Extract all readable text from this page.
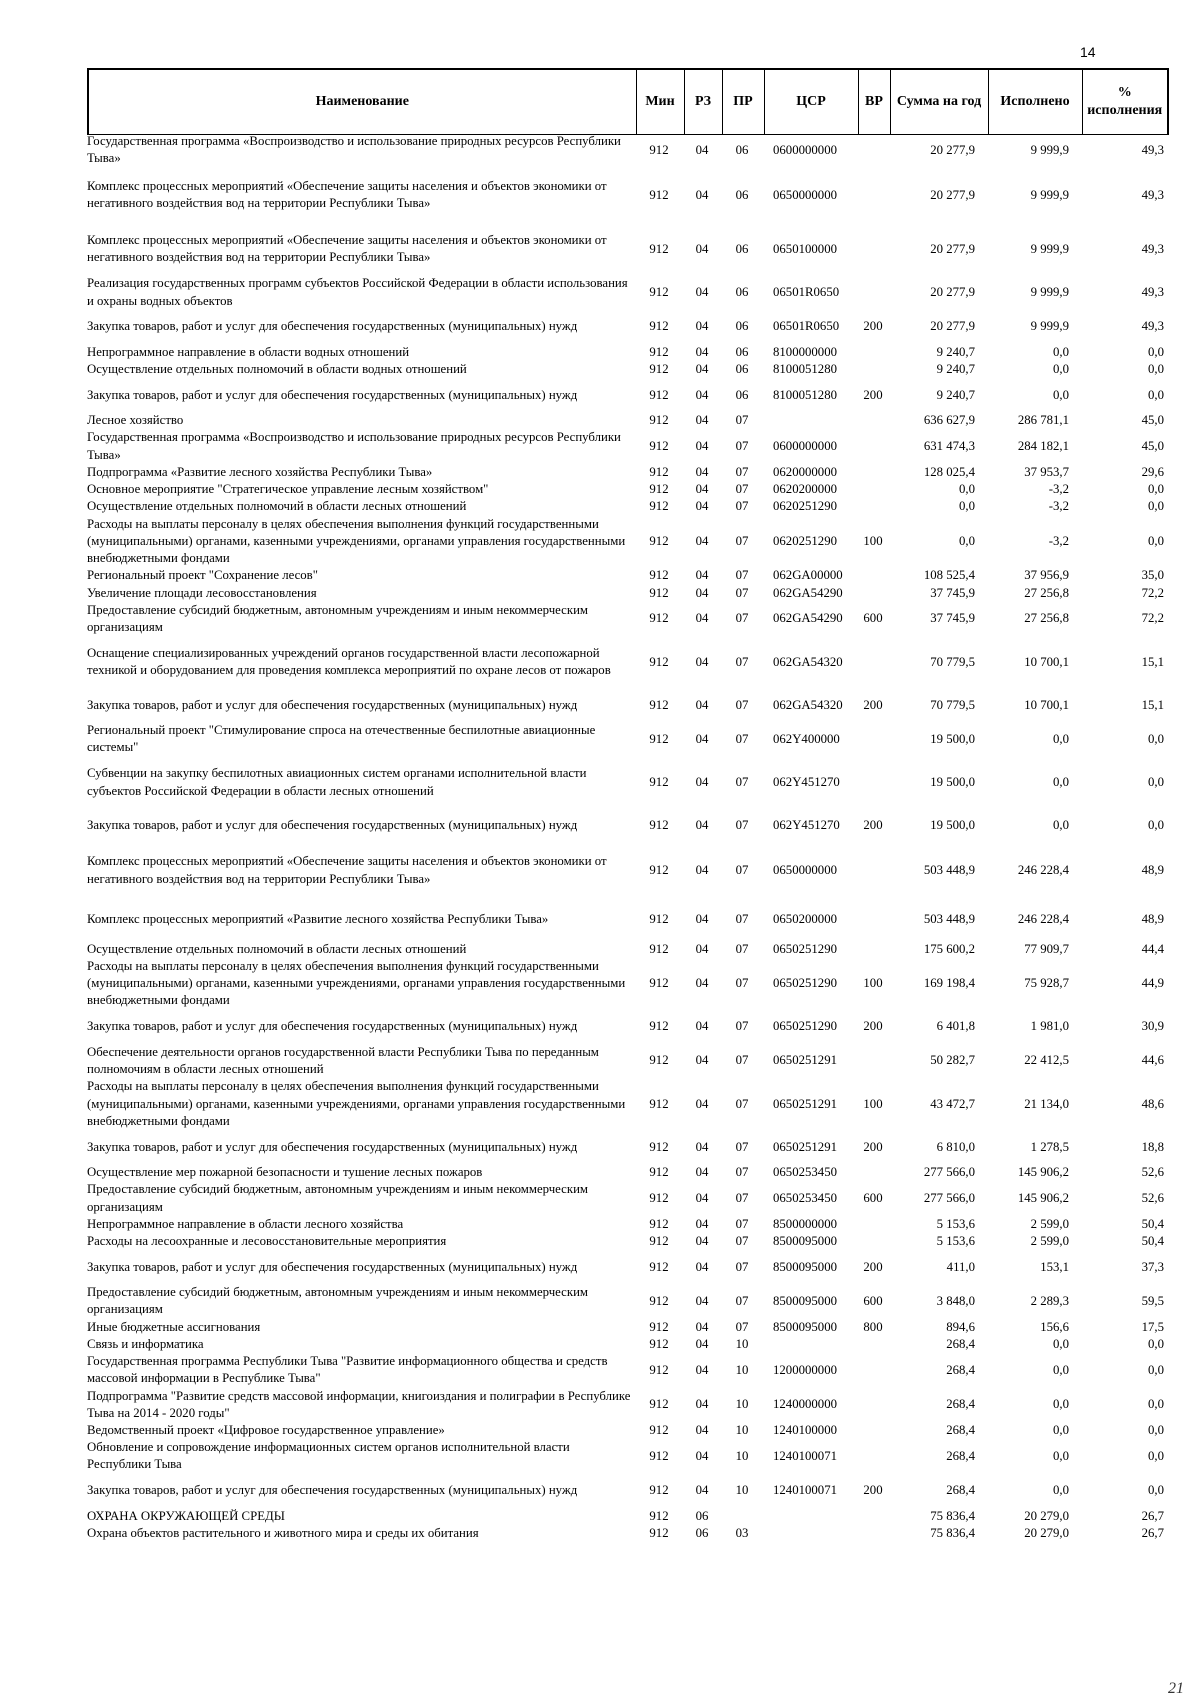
14
Наименование	Мин	РЗ	ПР	ЦСР	ВР	Сумма на год	Исполнено	% исполнения
Государственная программа «Воспроизводство и использование природных ресурсов Республики Тыва»	912	04	06	0600000000		20 277,9	9 999,9	49,3
Комплекс процессных мероприятий «Обеспечение защиты населения и объектов экономики от негативного воздействия вод на территории Республики Тыва»	912	04	06	0650000000		20 277,9	9 999,9	49,3
Комплекс процессных мероприятий «Обеспечение защиты населения и объектов экономики от негативного воздействия вод на территории Республики Тыва»	912	04	06	0650100000		20 277,9	9 999,9	49,3
Реализация государственных программ субъектов Российской Федерации в области использования и охраны водных объектов	912	04	06	06501R0650		20 277,9	9 999,9	49,3
Закупка товаров, работ и услуг для обеспечения государственных (муниципальных) нужд	912	04	06	06501R0650	200	20 277,9	9 999,9	49,3
Непрограммное направление в области водных отношений	912	04	06	8100000000		9 240,7	0,0	0,0
Осуществление отдельных полномочий в области водных отношений	912	04	06	8100051280		9 240,7	0,0	0,0
Закупка товаров, работ и услуг для обеспечения государственных (муниципальных) нужд	912	04	06	8100051280	200	9 240,7	0,0	0,0
Лесное хозяйство	912	04	07			636 627,9	286 781,1	45,0
Государственная программа «Воспроизводство и использование природных ресурсов Республики Тыва»	912	04	07	0600000000		631 474,3	284 182,1	45,0
Подпрограмма «Развитие лесного хозяйства Республики Тыва»	912	04	07	0620000000		128 025,4	37 953,7	29,6
Основное мероприятие "Стратегическое управление лесным хозяйством"	912	04	07	0620200000		0,0	-3,2	0,0
Осуществление отдельных полномочий в области лесных отношений	912	04	07	0620251290		0,0	-3,2	0,0
Расходы на выплаты персоналу в целях обеспечения выполнения функций государственными (муниципальными) органами, казенными учреждениями, органами управления государственными внебюджетными фондами	912	04	07	0620251290	100	0,0	-3,2	0,0
Региональный проект "Сохранение лесов"	912	04	07	062GA00000		108 525,4	37 956,9	35,0
Увеличение площади лесовосстановления	912	04	07	062GA54290		37 745,9	27 256,8	72,2
Предоставление субсидий бюджетным, автономным учреждениям и иным некоммерческим организациям	912	04	07	062GA54290	600	37 745,9	27 256,8	72,2
Оснащение специализированных учреждений органов государственной власти лесопожарной техникой и оборудованием для проведения комплекса мероприятий по охране лесов от пожаров	912	04	07	062GA54320		70 779,5	10 700,1	15,1
Закупка товаров, работ и услуг для обеспечения государственных (муниципальных) нужд	912	04	07	062GA54320	200	70 779,5	10 700,1	15,1
Региональный проект "Стимулирование спроса на отечественные беспилотные авиационные системы"	912	04	07	062Y400000		19 500,0	0,0	0,0
Субвенции на закупку беспилотных авиационных систем органами исполнительной власти субъектов Российской Федерации в области лесных отношений	912	04	07	062Y451270		19 500,0	0,0	0,0
Закупка товаров, работ и услуг для обеспечения государственных (муниципальных) нужд	912	04	07	062Y451270	200	19 500,0	0,0	0,0
Комплекс процессных мероприятий «Обеспечение защиты населения и объектов экономики от негативного воздействия вод на территории Республики Тыва»	912	04	07	0650000000		503 448,9	246 228,4	48,9
Комплекс процессных мероприятий «Развитие лесного хозяйства Республики Тыва»	912	04	07	0650200000		503 448,9	246 228,4	48,9
Осуществление отдельных полномочий в области лесных отношений	912	04	07	0650251290		175 600,2	77 909,7	44,4
Расходы на выплаты персоналу в целях обеспечения выполнения функций государственными (муниципальными) органами, казенными учреждениями, органами управления государственными внебюджетными фондами	912	04	07	0650251290	100	169 198,4	75 928,7	44,9
Закупка товаров, работ и услуг для обеспечения государственных (муниципальных) нужд	912	04	07	0650251290	200	6 401,8	1 981,0	30,9
Обеспечение деятельности органов государственной власти Республики Тыва по переданным полномочиям в области лесных отношений	912	04	07	0650251291		50 282,7	22 412,5	44,6
Расходы на выплаты персоналу в целях обеспечения выполнения функций государственными (муниципальными) органами, казенными учреждениями, органами управления государственными внебюджетными фондами	912	04	07	0650251291	100	43 472,7	21 134,0	48,6
Закупка товаров, работ и услуг для обеспечения государственных (муниципальных) нужд	912	04	07	0650251291	200	6 810,0	1 278,5	18,8
Осуществление мер пожарной безопасности и тушение лесных пожаров	912	04	07	0650253450		277 566,0	145 906,2	52,6
Предоставление субсидий бюджетным, автономным учреждениям и иным некоммерческим организациям	912	04	07	0650253450	600	277 566,0	145 906,2	52,6
Непрограммное направление в области лесного хозяйства	912	04	07	8500000000		5 153,6	2 599,0	50,4
Расходы на лесоохранные и лесовосстановительные мероприятия	912	04	07	8500095000		5 153,6	2 599,0	50,4
Закупка товаров, работ и услуг для обеспечения государственных (муниципальных) нужд	912	04	07	8500095000	200	411,0	153,1	37,3
Предоставление субсидий бюджетным, автономным учреждениям и иным некоммерческим организациям	912	04	07	8500095000	600	3 848,0	2 289,3	59,5
Иные бюджетные ассигнования	912	04	07	8500095000	800	894,6	156,6	17,5
Связь и информатика	912	04	10			268,4	0,0	0,0
Государственная программа Республики Тыва "Развитие информационного общества и средств массовой информации в Республике Тыва"	912	04	10	1200000000		268,4	0,0	0,0
Подпрограмма "Развитие средств массовой информации, книгоиздания и полиграфии в Республике Тыва на 2014 - 2020 годы"	912	04	10	1240000000		268,4	0,0	0,0
Ведомственный проект «Цифровое государственное управление»	912	04	10	1240100000		268,4	0,0	0,0
Обновление и сопровождение информационных систем органов исполнительной власти Республики Тыва	912	04	10	1240100071		268,4	0,0	0,0
Закупка товаров, работ и услуг для обеспечения государственных (муниципальных) нужд	912	04	10	1240100071	200	268,4	0,0	0,0
ОХРАНА ОКРУЖАЮЩЕЙ СРЕДЫ	912	06				75 836,4	20 279,0	26,7
Охрана объектов растительного и животного мира и среды их обитания	912	06	03			75 836,4	20 279,0	26,7
21
